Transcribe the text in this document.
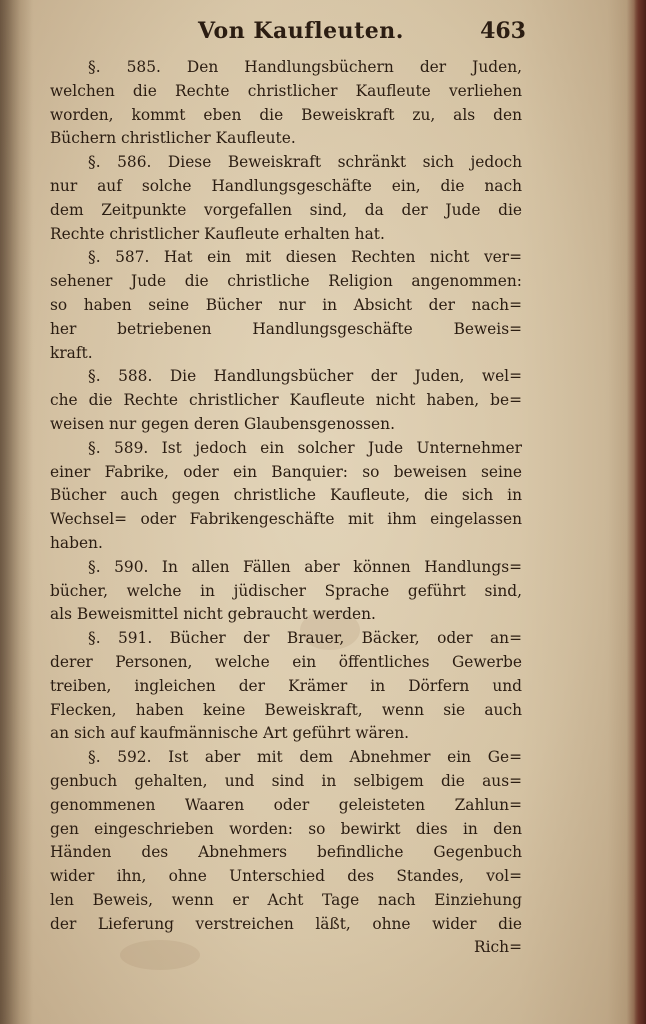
Von Kaufleuten.	463
§. 585. Den Handlungsbüchern der Juden,
welchen die Rechte christlicher Kaufleute verliehen
worden, kommt eben die Beweiskraft zu, als den
Büchern christlicher Kaufleute.
§. 586. Diese Beweiskraft schränkt sich jedoch
nur auf solche Handlungsgeschäfte ein, die nach
dem Zeitpunkte vorgefallen sind, da der Jude die
Rechte christlicher Kaufleute erhalten hat.
§. 587. Hat ein mit diesen Rechten nicht ver=
sehener Jude die christliche Religion angenommen:
so haben seine Bücher nur in Absicht der nach=
her betriebenen Handlungsgeschäfte Beweis=
kraft.
§. 588. Die Handlungsbücher der Juden, wel=
che die Rechte christlicher Kaufleute nicht haben, be=
weisen nur gegen deren Glaubensgenossen.
§. 589. Ist jedoch ein solcher Jude Unternehmer
einer Fabrike, oder ein Banquier: so beweisen seine
Bücher auch gegen christliche Kaufleute, die sich in
Wechsel= oder Fabrikengeschäfte mit ihm eingelassen
haben.
§. 590. In allen Fällen aber können Handlungs=
bücher, welche in jüdischer Sprache geführt sind,
als Beweismittel nicht gebraucht werden.
§. 591. Bücher der Brauer, Bäcker, oder an=
derer Personen, welche ein öffentliches Gewerbe
treiben, ingleichen der Krämer in Dörfern und
Flecken, haben keine Beweiskraft, wenn sie auch
an sich auf kaufmännische Art geführt wären.
§. 592. Ist aber mit dem Abnehmer ein Ge=
genbuch gehalten, und sind in selbigem die aus=
genommenen Waaren oder geleisteten Zahlun=
gen eingeschrieben worden: so bewirkt dies in den
Händen des Abnehmers befindliche Gegenbuch
wider ihn, ohne Unterschied des Standes, vol=
len Beweis, wenn er Acht Tage nach Einziehung
der Lieferung verstreichen läßt, ohne wider die
Rich=
